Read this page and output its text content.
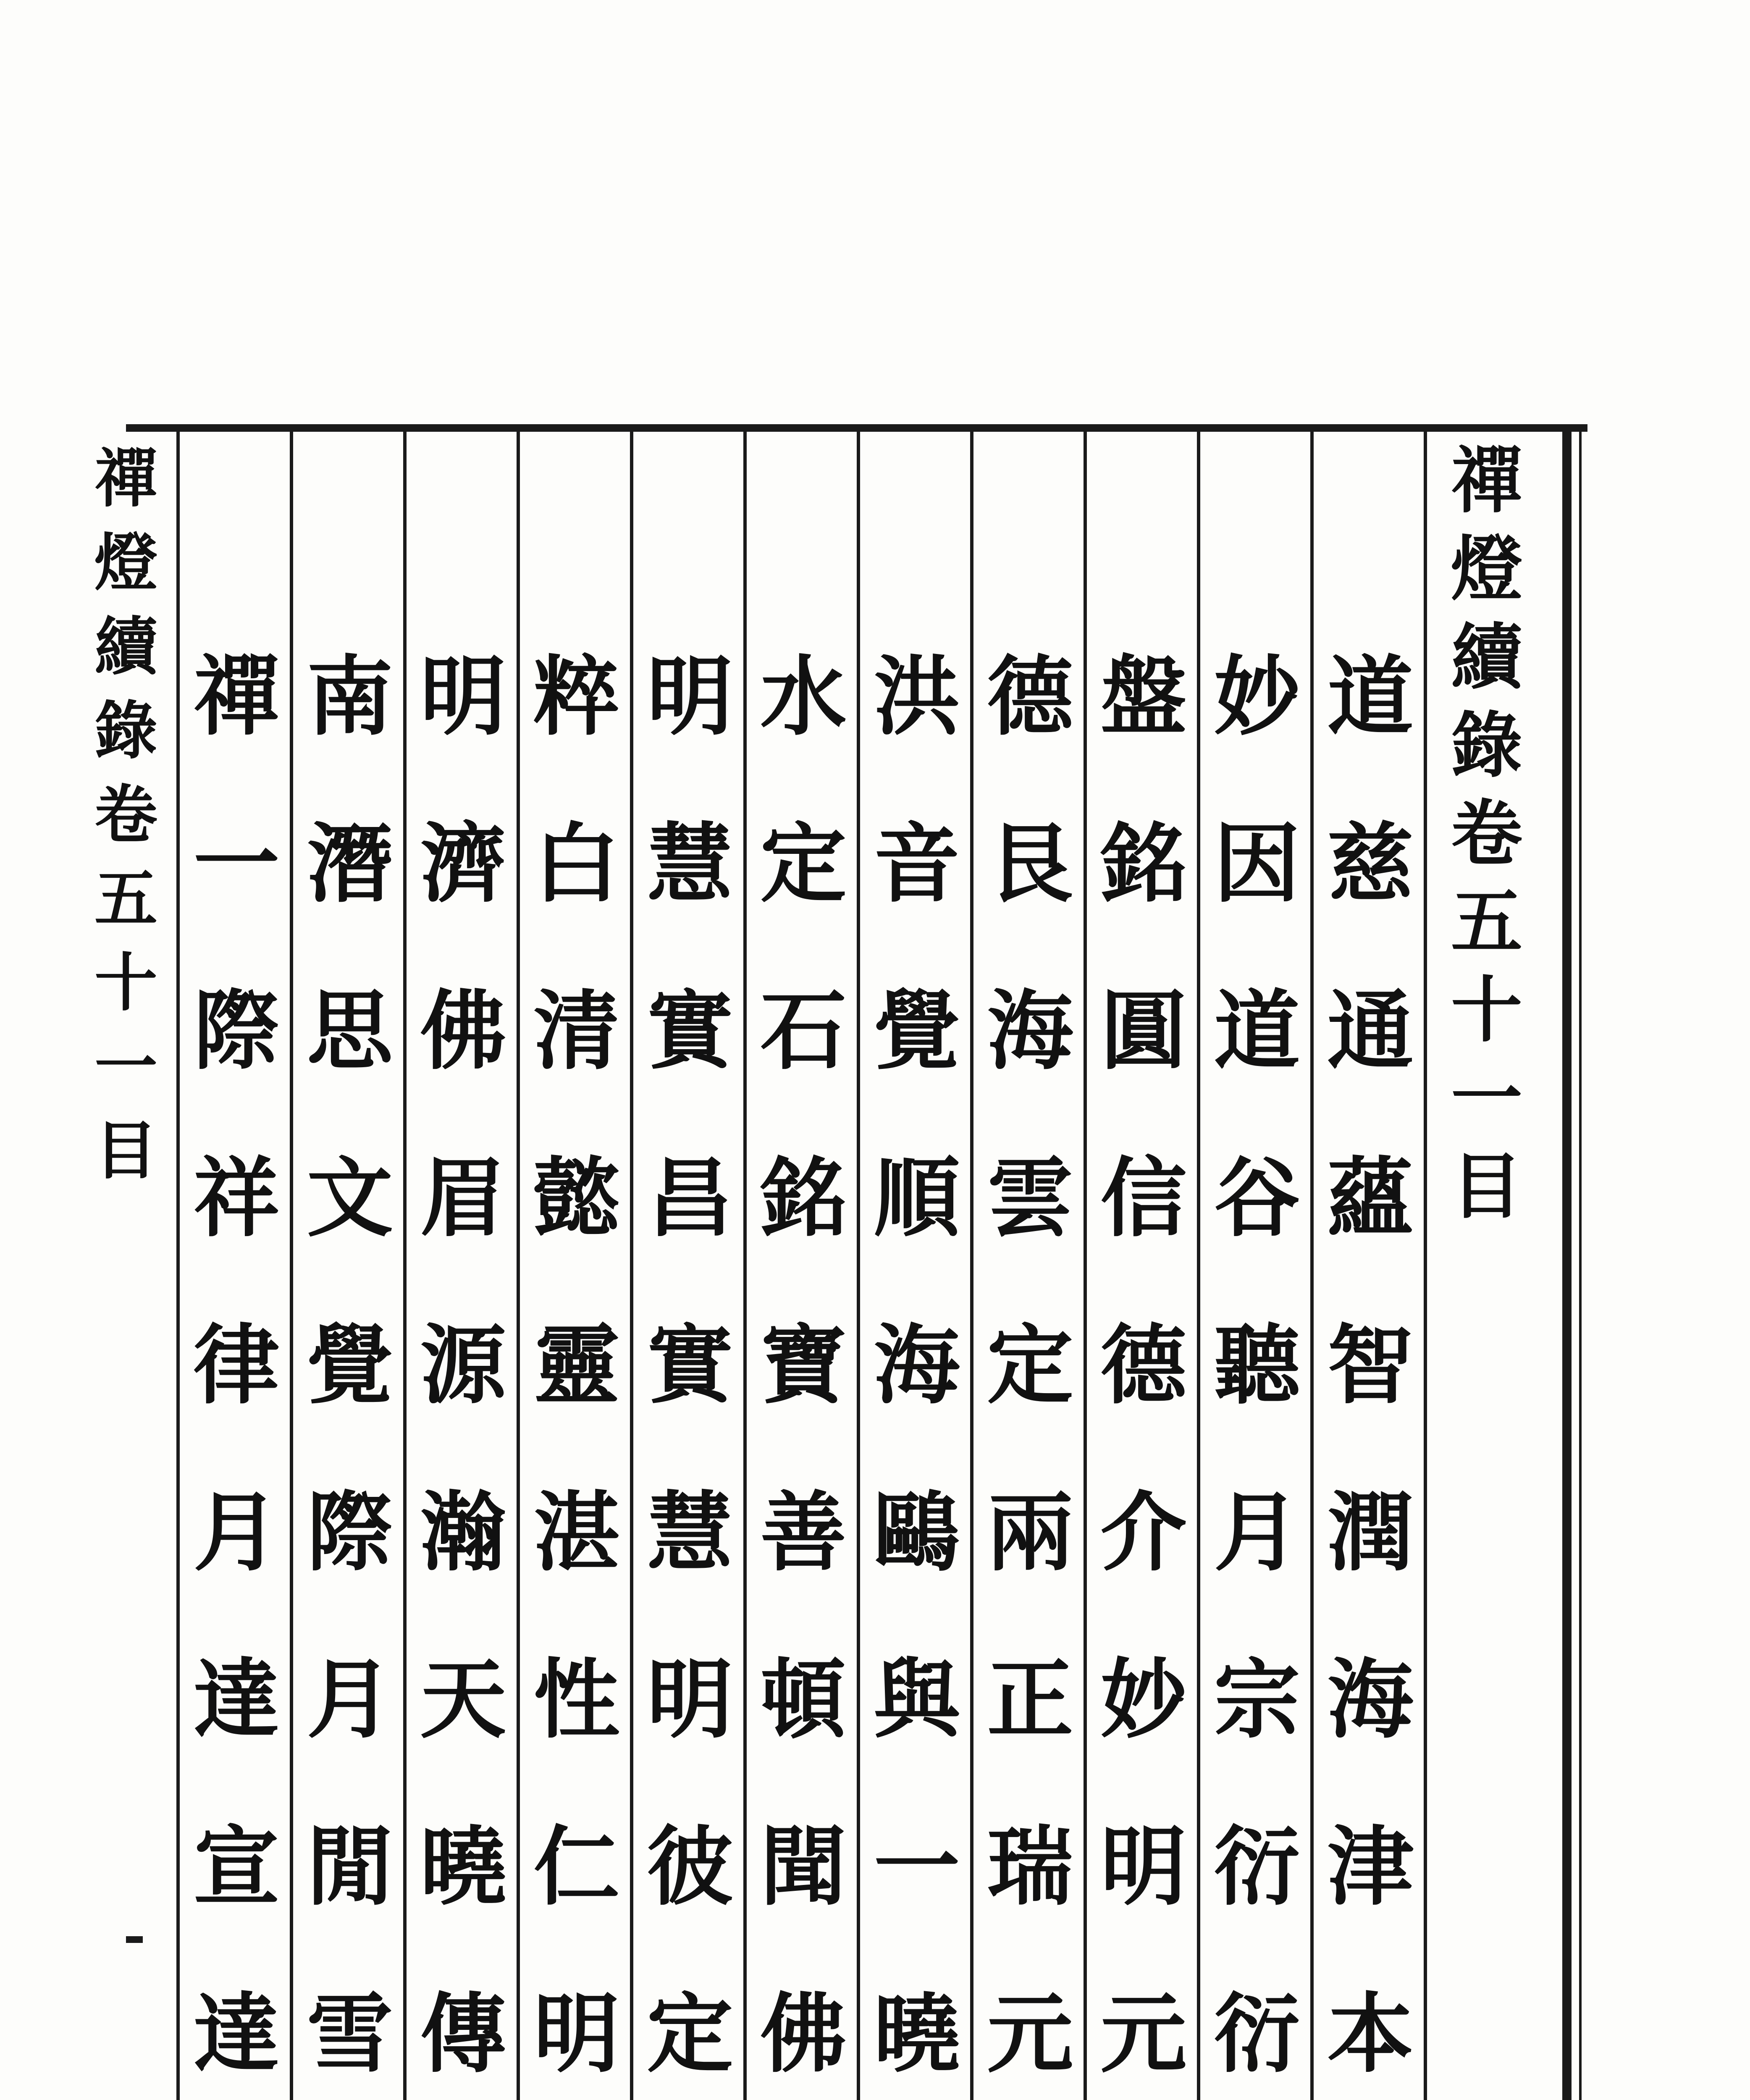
禪
燈
續
錄
卷
五
十
一
目
禪
燈
續
錄
卷
五
十
一
目
道
慈
通
蘊
智
潤
海
津
本
妙
因
道
谷
聽
月
宗
衍
衍
盤
銘
圓
信
德
介
妙
明
元
德
艮
海
雲
定
兩
正
瑞
元
洪
音
覺
順
海
鷗
與
一
曉
水
定
石
銘
寶
善
頓
聞
佛
明
慧
實
昌
實
慧
明
彼
定
粹
白
清
懿
靈
湛
性
仁
明
明
濟
佛
眉
源
瀚
天
曉
傳
南
潛
思
文
覺
際
月
閒
雪
禪
一
際
祥
律
月
達
宣
達
